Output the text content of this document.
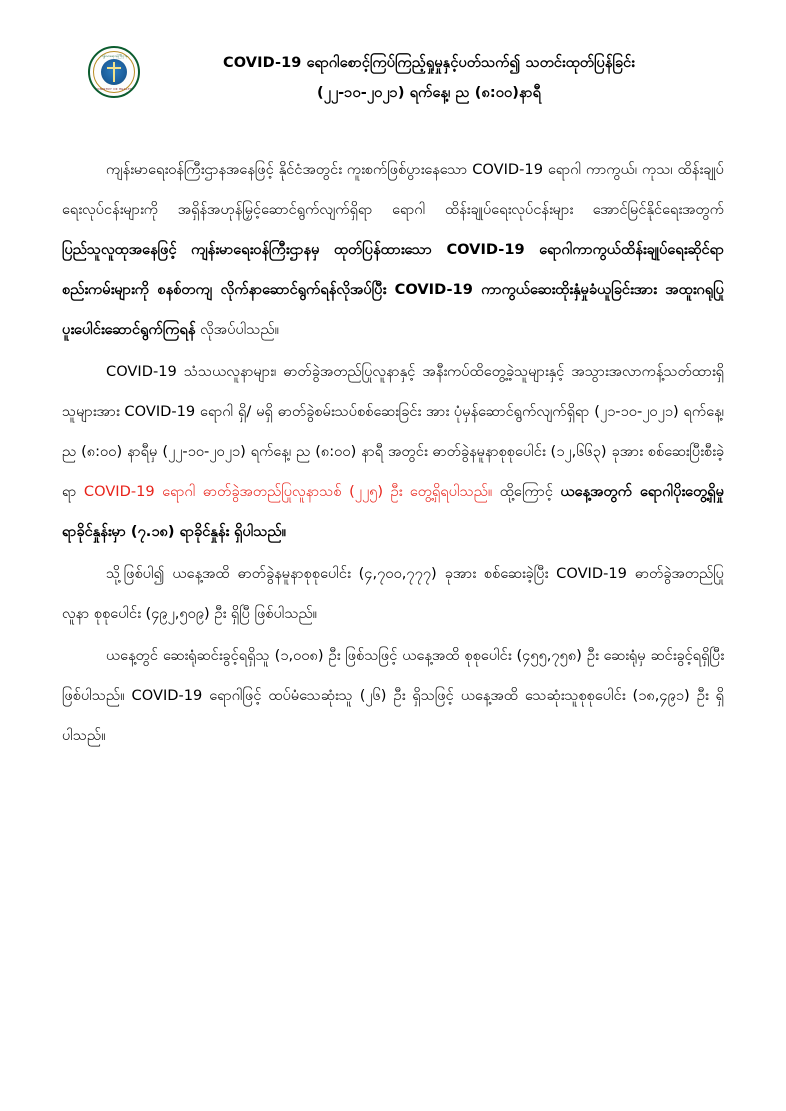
ကျန်းမာရေးဝန်ကြီးဌာန
MINISTRY OF HEALTH
COVID-19 ရောဂါစောင့်ကြပ်ကြည့်ရှုမှုနှင့်ပတ်သက်၍ သတင်းထုတ်ပြန်ခြင်း
(၂၂-၁၀-၂၀၂၁) ရက်နေ့၊ ည (၈:၀၀)နာရီ

ကျန်းမာရေးဝန်ကြီးဌာနအနေဖြင့် နိုင်ငံအတွင်း ကူးစက်ဖြစ်ပွားနေသော COVID-19 ရောဂါ ကာကွယ်၊ ကုသ၊ ထိန်းချုပ်ရေးလုပ်ငန်းများကို အရှိန်အဟုန်မြှင့်ဆောင်ရွက်လျက်ရှိရာ ရောဂါ ထိန်းချုပ်ရေးလုပ်ငန်းများ အောင်မြင်နိုင်ရေးအတွက် ပြည်သူလူထုအနေဖြင့် ကျန်းမာရေးဝန်ကြီးဌာနမှ ထုတ်ပြန်ထားသော COVID-19 ရောဂါကာကွယ်ထိန်းချုပ်ရေးဆိုင်ရာ စည်းကမ်းများကို စနစ်တကျ လိုက်နာဆောင်ရွက်ရန်လိုအပ်ပြီး COVID-19 ကာကွယ်ဆေးထိုးနှံမှုခံယူခြင်းအား အထူးဂရုပြု ပူးပေါင်းဆောင်ရွက်ကြရန် လိုအပ်ပါသည်။

COVID-19 သံသယလူနာများ၊ ဓာတ်ခွဲအတည်ပြုလူနာနှင့် အနီးကပ်ထိတွေ့ခဲ့သူများနှင့် အသွားအလာကန့်သတ်ထားရှိသူများအား COVID-19 ရောဂါ ရှိ/ မရှိ ဓာတ်ခွဲစမ်းသပ်စစ်ဆေးခြင်း အား ပုံမှန်ဆောင်ရွက်လျက်ရှိရာ (၂၁-၁၀-၂၀၂၁) ရက်နေ့၊ ည (၈:၀၀) နာရီမှ (၂၂-၁၀-၂၀၂၁) ရက်နေ့၊ ည (၈:၀၀) နာရီ အတွင်း ဓာတ်ခွဲနမူနာစုစုပေါင်း (၁၂,၆၆၃) ခုအား စစ်ဆေးပြီးစီးခဲ့ရာ COVID-19 ရောဂါ ဓာတ်ခွဲအတည်ပြုလူနာသစ် (၂၂၅) ဦး တွေ့ရှိရပါသည်။ ထို့ကြောင့် ယနေ့အတွက် ရောဂါပိုးတွေ့ရှိမှု ရာခိုင်နှုန်းမှာ (၇.၁၈) ရာခိုင်နှုန်း ရှိပါသည်။

သို့ဖြစ်ပါ၍ ယနေ့အထိ ဓာတ်ခွဲနမူနာစုစုပေါင်း (၄,၇၀၀,၇၇၇) ခုအား စစ်ဆေးခဲ့ပြီး COVID-19 ဓာတ်ခွဲအတည်ပြုလူနာ စုစုပေါင်း (၄၉၂,၅၀၉) ဦး ရှိပြီ ဖြစ်ပါသည်။

ယနေ့တွင် ဆေးရုံဆင်းခွင့်ရရှိသူ (၁,၀၀၈) ဦး ဖြစ်သဖြင့် ယနေ့အထိ စုစုပေါင်း (၄၅၅,၇၅၈) ဦး ဆေးရုံမှ ဆင်းခွင့်ရရှိပြီး ဖြစ်ပါသည်။ COVID-19 ရောဂါဖြင့် ထပ်မံသေဆုံးသူ (၂၆) ဦး ရှိသဖြင့် ယနေ့အထိ သေဆုံးသူစုစုပေါင်း (၁၈,၄၉၁) ဦး ရှိပါသည်။
